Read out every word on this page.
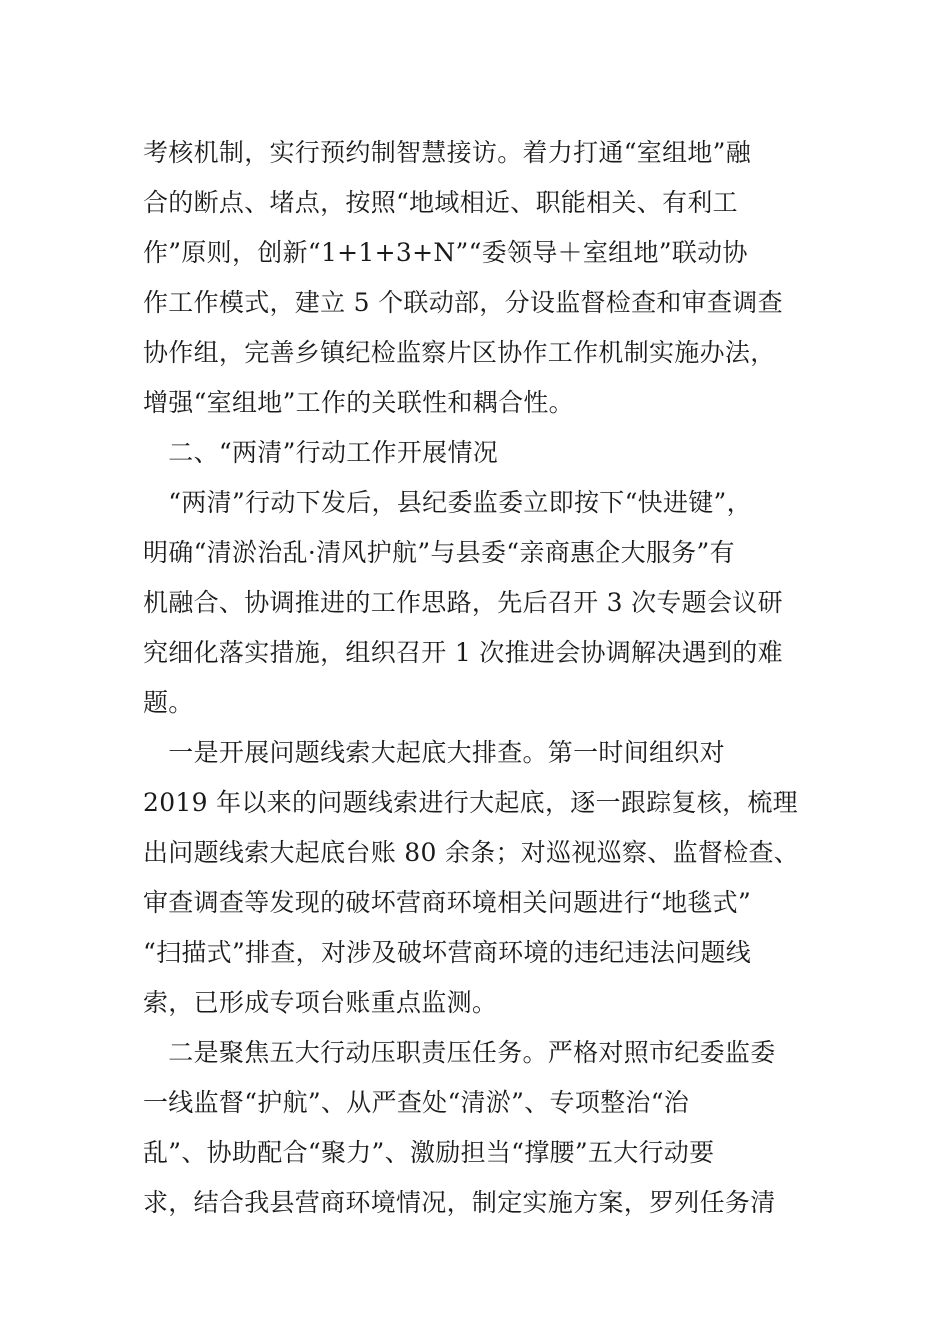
考核机制，实行预约制智慧接访。着力打通“室组地”融
合的断点、堵点，按照“地域相近、职能相关、有利工
作”原则，创新“1+1+3+N”“委领导＋室组地”联动协
作工作模式，建立 5 个联动部，分设监督检查和审查调查
协作组，完善乡镇纪检监察片区协作工作机制实施办法，
增强“室组地”工作的关联性和耦合性。
　二、“两清”行动工作开展情况
　“两清”行动下发后，县纪委监委立即按下“快进键”，
明确“清淤治乱·清风护航”与县委“亲商惠企大服务”有
机融合、协调推进的工作思路，先后召开 3 次专题会议研
究细化落实措施，组织召开 1 次推进会协调解决遇到的难
题。
　一是开展问题线索大起底大排查。第一时间组织对
2019 年以来的问题线索进行大起底，逐一跟踪复核，梳理
出问题线索大起底台账 80 余条；对巡视巡察、监督检查、
审查调查等发现的破坏营商环境相关问题进行“地毯式”
“扫描式”排查，对涉及破坏营商环境的违纪违法问题线
索，已形成专项台账重点监测。
　二是聚焦五大行动压职责压任务。严格对照市纪委监委
一线监督“护航”、从严查处“清淤”、专项整治“治
乱”、协助配合“聚力”、激励担当“撑腰”五大行动要
求，结合我县营商环境情况，制定实施方案，罗列任务清
